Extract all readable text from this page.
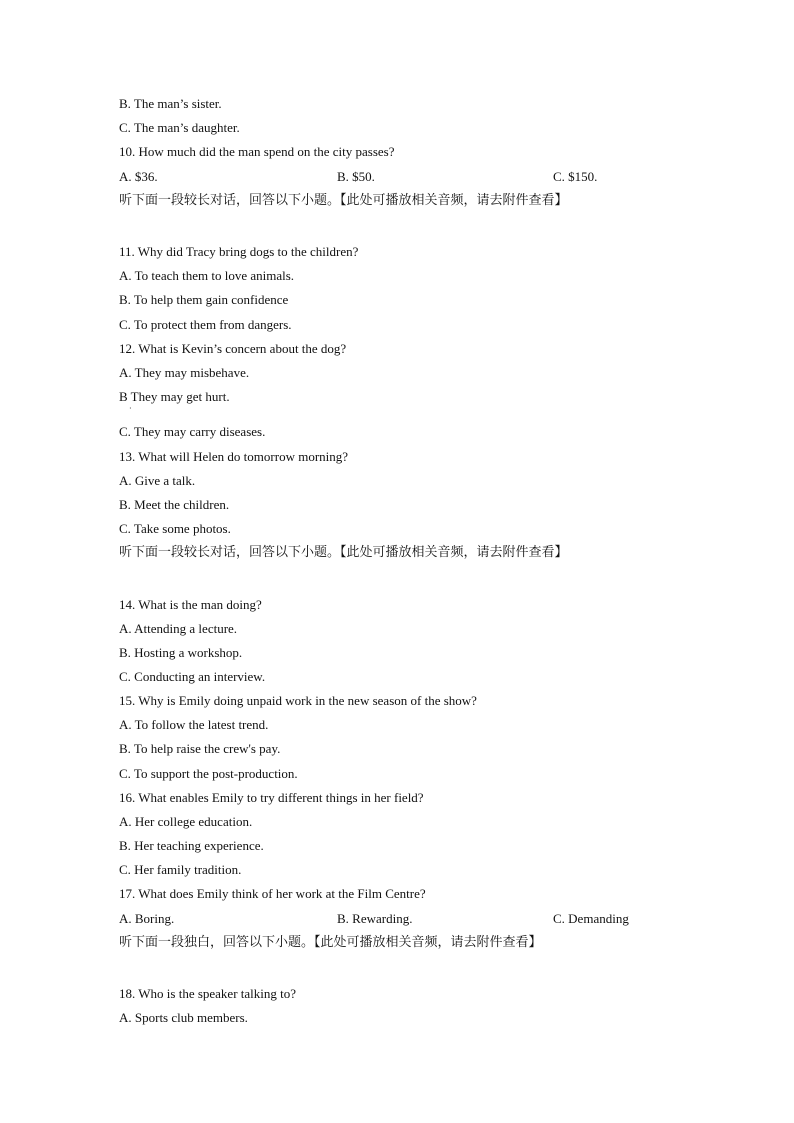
B. The man’s sister.
C. The man’s daughter.
10. How much did the man spend on the city passes?
A. $36.	B. $50.	C. $150.
听下面一段较长对话，回答以下小题。【此处可播放相关音频，请去附件查看】
11. Why did Tracy bring dogs to the children?
A. To teach them to love animals.
B. To help them gain confidence
C. To protect them from dangers.
12. What is Kevin’s concern about the dog?
A. They may misbehave.
B They may get hurt.
·
C. They may carry diseases.
13. What will Helen do tomorrow morning?
A. Give a talk.
B. Meet the children.
C. Take some photos.
听下面一段较长对话，回答以下小题。【此处可播放相关音频，请去附件查看】
14. What is the man doing?
A. Attending a lecture.
B. Hosting a workshop.
C. Conducting an interview.
15. Why is Emily doing unpaid work in the new season of the show?
A. To follow the latest trend.
B. To help raise the crew's pay.
C. To support the post-production.
16. What enables Emily to try different things in her field?
A. Her college education.
B. Her teaching experience.
C. Her family tradition.
17. What does Emily think of her work at the Film Centre?
A. Boring.	B. Rewarding.	C. Demanding
听下面一段独白，回答以下小题。【此处可播放相关音频，请去附件查看】
18. Who is the speaker talking to?
A. Sports club members.
